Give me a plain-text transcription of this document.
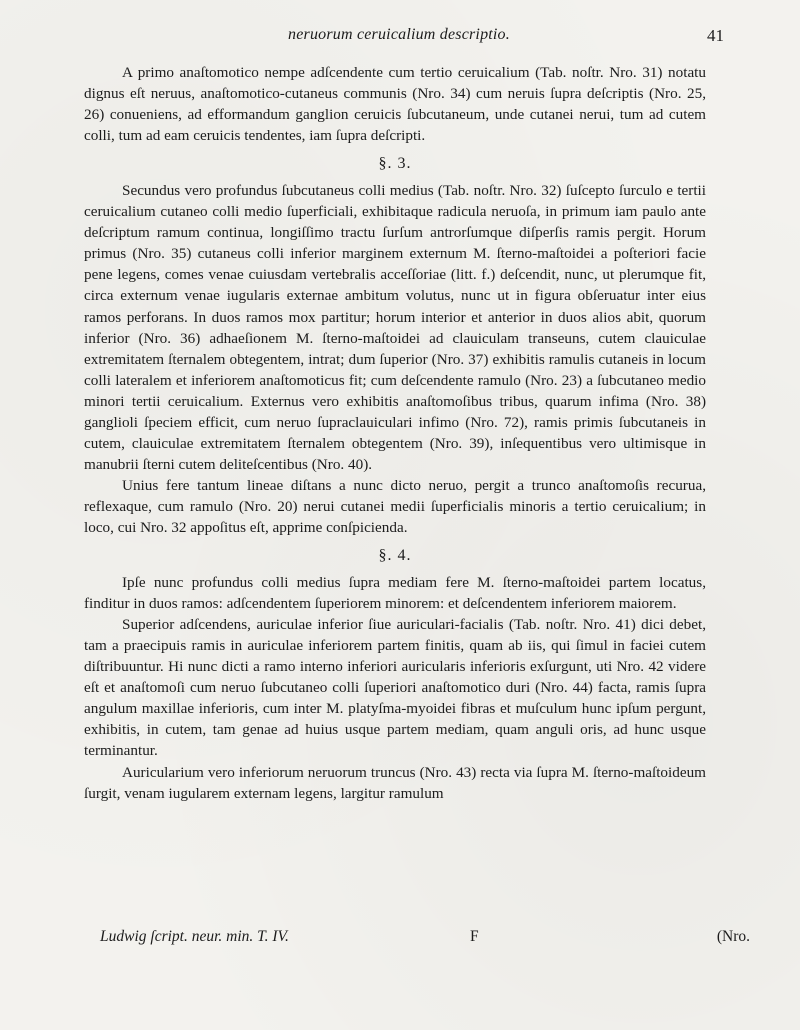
neruorum ceruicalium descriptio.	41

A primo anaſtomotico nempe adſcendente cum tertio ceruicalium (Tab. noſtr. Nro. 31) notatu dignus eſt neruus, anaſtomotico-cutaneus communis (Nro. 34) cum neruis ſupra deſcriptis (Nro. 25, 26) conueniens, ad efformandum ganglion ceruicis ſubcutaneum, unde cutanei nerui, tum ad cutem colli, tum ad eam ceruicis tendentes, iam ſupra deſcripti.

§. 3.

Secundus vero profundus ſubcutaneus colli medius (Tab. noſtr. Nro. 32) ſuſcepto ſurculo e tertii ceruicalium cutaneo colli medio ſuperficiali, exhibitaque radicula neruoſa, in primum iam paulo ante deſcriptum ramum continua, longiſſimo tractu ſurſum antrorſumque diſperſis ramis pergit. Horum primus (Nro. 35) cutaneus colli inferior marginem externum M. ſterno-maſtoidei a poſteriori facie pene legens, comes venae cuiusdam vertebralis acceſſoriae (litt. f.) deſcendit, nunc, ut plerumque fit, circa externum venae iugularis externae ambitum volutus, nunc ut in figura obſeruatur inter eius ramos perforans. In duos ramos mox partitur; horum interior et anterior in duos alios abit, quorum inferior (Nro. 36) adhaeſionem M. ſterno-maſtoidei ad clauiculam transeuns, cutem clauiculae extremitatem ſternalem obtegentem, intrat; dum ſuperior (Nro. 37) exhibitis ramulis cutaneis in locum colli lateralem et inferiorem anaſtomoticus fit; cum deſcendente ramulo (Nro. 23) a ſubcutaneo medio minori tertii ceruicalium. Externus vero exhibitis anaſtomoſibus tribus, quarum infima (Nro. 38) ganglioli ſpeciem efficit, cum neruo ſupraclauiculari infimo (Nro. 72), ramis primis ſubcutaneis in cutem, clauiculae extremitatem ſternalem obtegentem (Nro. 39), inſequentibus vero ultimisque in manubrii ſterni cutem deliteſcentibus (Nro. 40).

Unius fere tantum lineae diſtans a nunc dicto neruo, pergit a trunco anaſtomoſis recurua, reflexaque, cum ramulo (Nro. 20) nerui cutanei medii ſuperficialis minoris a tertio ceruicalium; in loco, cui Nro. 32 appoſitus eſt, apprime conſpicienda.

§. 4.

Ipſe nunc profundus colli medius ſupra mediam fere M. ſterno-maſtoidei partem locatus, finditur in duos ramos: adſcendentem ſuperiorem minorem: et deſcendentem inferiorem maiorem.

Superior adſcendens, auriculae inferior ſiue auriculari-facialis (Tab. noſtr. Nro. 41) dici debet, tam a praecipuis ramis in auriculae inferiorem partem finitis, quam ab iis, qui ſimul in faciei cutem diſtribuuntur. Hi nunc dicti a ramo interno inferiori auricularis inferioris exſurgunt, uti Nro. 42 videre eſt et anaſtomoſi cum neruo ſubcutaneo colli ſuperiori anaſtomotico duri (Nro. 44) facta, ramis ſupra angulum maxillae inferioris, cum inter M. platyſma-myoidei fibras et muſculum hunc ipſum pergunt, exhibitis, in cutem, tam genae ad huius usque partem mediam, quam anguli oris, ad hunc usque terminantur.

Auricularium vero inferiorum neruorum truncus (Nro. 43) recta via ſupra M. ſterno-maſtoideum ſurgit, venam iugularem externam legens, largitur ramulum

Ludwig ſcript. neur. min. T. IV.	F	(Nro.
